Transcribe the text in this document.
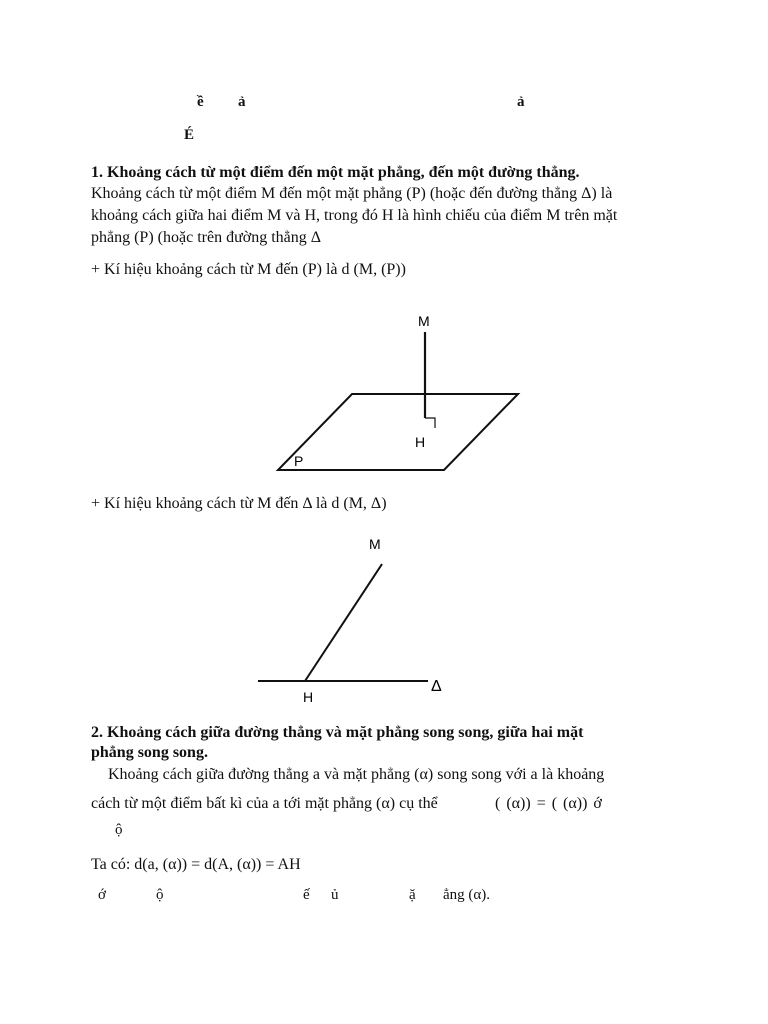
ề ả	ả
É
1. Khoảng cách từ một điểm đến một mặt phẳng, đến một đường thẳng.
Khoảng cách từ một điểm M đến một mặt phẳng (P) (hoặc đến đường thẳng Δ) là
khoảng cách giữa hai điểm M và H, trong đó H là hình chiếu của điểm M trên mặt
phẳng (P) (hoặc trên đường thẳng Δ
+ Kí hiệu khoảng cách từ M đến (P) là d (M, (P))
M
H
P
+ Kí hiệu khoảng cách từ M đến Δ là d (M, Δ)
M
H
Δ
2. Khoảng cách giữa đường thẳng và mặt phẳng song song, giữa hai mặt
phẳng song song.
Khoảng cách giữa đường thẳng a và mặt phẳng (α) song song với a là khoảng
cách từ một điểm bất kì của a tới mặt phẳng (α) cụ thể	( (α)) = ( (α)) ớ
ộ
Ta có: d(a, (α)) = d(A, (α)) = AH
ớ	ộ	ế ủ	ặ ẳng (α).
